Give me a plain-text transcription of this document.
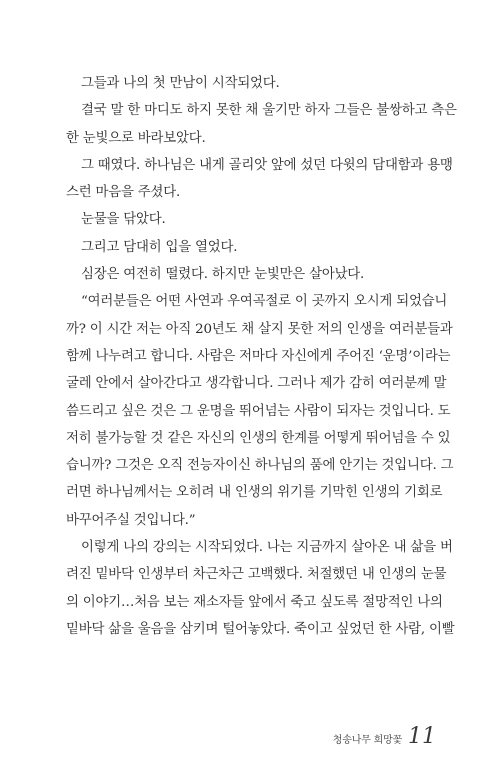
그들과 나의 첫 만남이 시작되었다.
결국 말 한 마디도 하지 못한 채 울기만 하자 그들은 불쌍하고 측은
한 눈빛으로 바라보았다.
그 때였다. 하나님은 내게 골리앗 앞에 섰던 다윗의 담대함과 용맹
스런 마음을 주셨다.
눈물을 닦았다.
그리고 담대히 입을 열었다.
심장은 여전히 떨렸다. 하지만 눈빛만은 살아났다.
“여러분들은 어떤 사연과 우여곡절로 이 곳까지 오시게 되었습니
까? 이 시간 저는 아직 20년도 채 살지 못한 저의 인생을 여러분들과
함께 나누려고 합니다. 사람은 저마다 자신에게 주어진 ‘운명’이라는
굴레 안에서 살아간다고 생각합니다. 그러나 제가 감히 여러분께 말
씀드리고 싶은 것은 그 운명을 뛰어넘는 사람이 되자는 것입니다. 도
저히 불가능할 것 같은 자신의 인생의 한계를 어떻게 뛰어넘을 수 있
습니까? 그것은 오직 전능자이신 하나님의 품에 안기는 것입니다. 그
러면 하나님께서는 오히려 내 인생의 위기를 기막힌 인생의 기회로
바꾸어주실 것입니다.”
이렇게 나의 강의는 시작되었다. 나는 지금까지 살아온 내 삶을 버
려진 밑바닥 인생부터 차근차근 고백했다. 처절했던 내 인생의 눈물
의 이야기…처음 보는 재소자들 앞에서 죽고 싶도록 절망적인 나의
밑바닥 삶을 울음을 삼키며 털어놓았다. 죽이고 싶었던 한 사람, 이빨
청송나무 희망꽃 11
